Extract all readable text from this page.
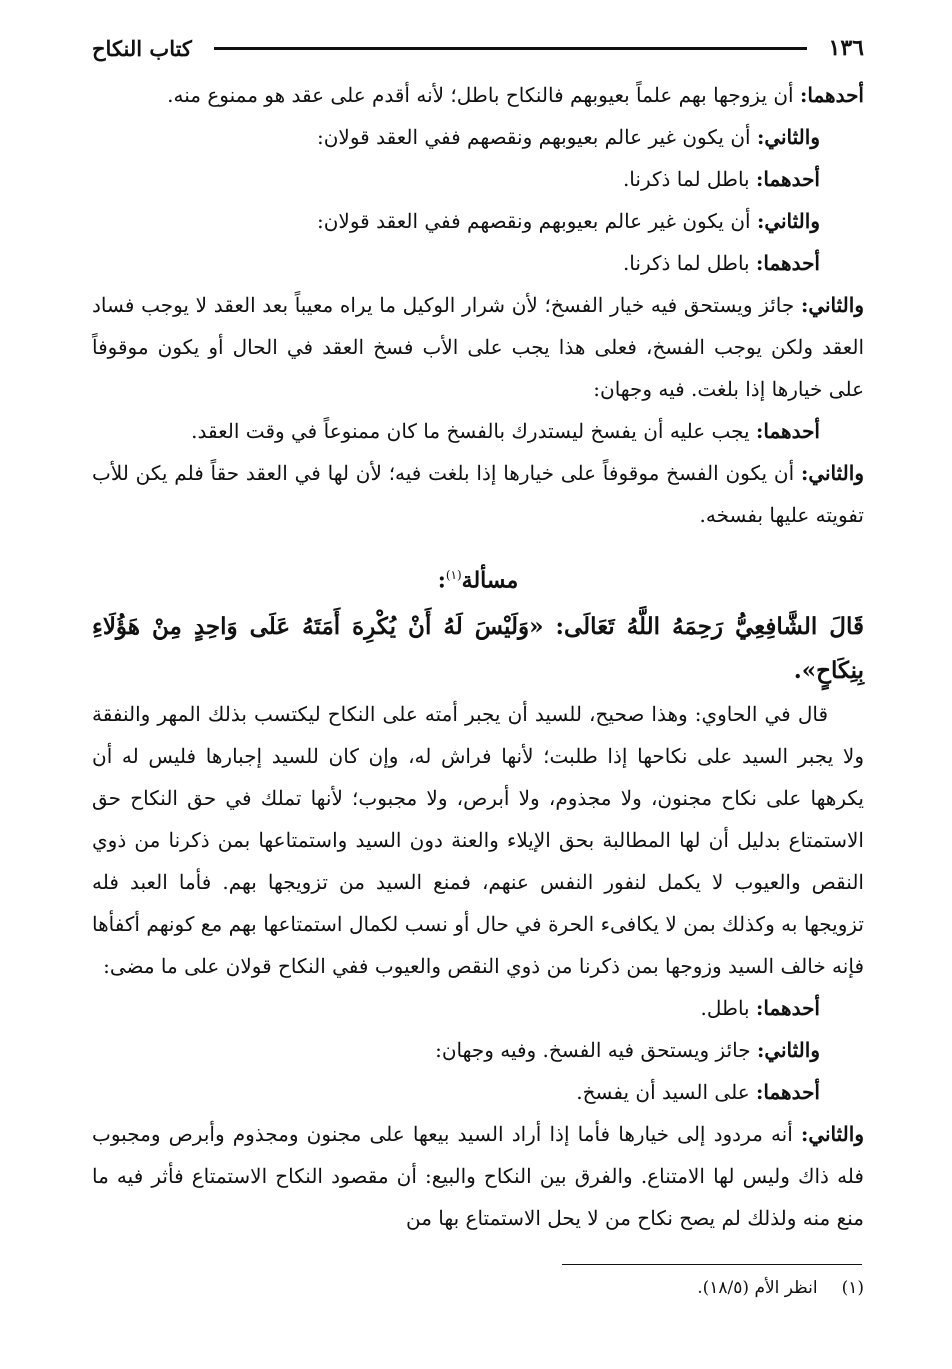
١٣٦
كتاب النكاح

أحدهما: أن يزوجها بهم علماً بعيوبهم فالنكاح باطل؛ لأنه أقدم على عقد هو ممنوع منه.

والثاني: أن يكون غير عالم بعيوبهم ونقصهم ففي العقد قولان:

أحدهما: باطل لما ذكرنا.

والثاني: أن يكون غير عالم بعيوبهم ونقصهم ففي العقد قولان:

أحدهما: باطل لما ذكرنا.

والثاني: جائز ويستحق فيه خيار الفسخ؛ لأن شرار الوكيل ما يراه معيباً بعد العقد لا يوجب فساد العقد ولكن يوجب الفسخ، فعلى هذا يجب على الأب فسخ العقد في الحال أو يكون موقوفاً على خيارها إذا بلغت. فيه وجهان:

أحدهما: يجب عليه أن يفسخ ليستدرك بالفسخ ما كان ممنوعاً في وقت العقد.

والثاني: أن يكون الفسخ موقوفاً على خيارها إذا بلغت فيه؛ لأن لها في العقد حقاً فلم يكن للأب تفويته عليها بفسخه.

مسألة$^{(١)}$:

قَالَ الشَّافِعِيُّ رَحِمَهُ اللَّهُ تَعَالَى: «وَلَيْسَ لَهُ أَنْ يُكْرِهَ أَمَتَهُ عَلَى وَاحِدٍ مِنْ هَؤُلَاءِ بِنِكَاحٍ».

قال في الحاوي: وهذا صحيح، للسيد أن يجبر أمته على النكاح ليكتسب بذلك المهر والنفقة ولا يجبر السيد على نكاحها إذا طلبت؛ لأنها فراش له، وإن كان للسيد إجبارها فليس له أن يكرهها على نكاح مجنون، ولا مجذوم، ولا أبرص، ولا مجبوب؛ لأنها تملك في حق النكاح حق الاستمتاع بدليل أن لها المطالبة بحق الإيلاء والعنة دون السيد واستمتاعها بمن ذكرنا من ذوي النقص والعيوب لا يكمل لنفور النفس عنهم، فمنع السيد من تزويجها بهم. فأما العبد فله تزويجها به وكذلك بمن لا يكافىء الحرة في حال أو نسب لكمال استمتاعها بهم مع كونهم أكفأها فإنه خالف السيد وزوجها بمن ذكرنا من ذوي النقص والعيوب ففي النكاح قولان على ما مضى:

أحدهما: باطل.

والثاني: جائز ويستحق فيه الفسخ. وفيه وجهان:

أحدهما: على السيد أن يفسخ.

والثاني: أنه مردود إلى خيارها فأما إذا أراد السيد بيعها على مجنون ومجذوم وأبرص ومجبوب فله ذاك وليس لها الامتناع. والفرق بين النكاح والبيع: أن مقصود النكاح الاستمتاع فأثر فيه ما منع منه ولذلك لم يصح نكاح من لا يحل الاستمتاع بها من

(١)انظر الأم (١٨/٥).
